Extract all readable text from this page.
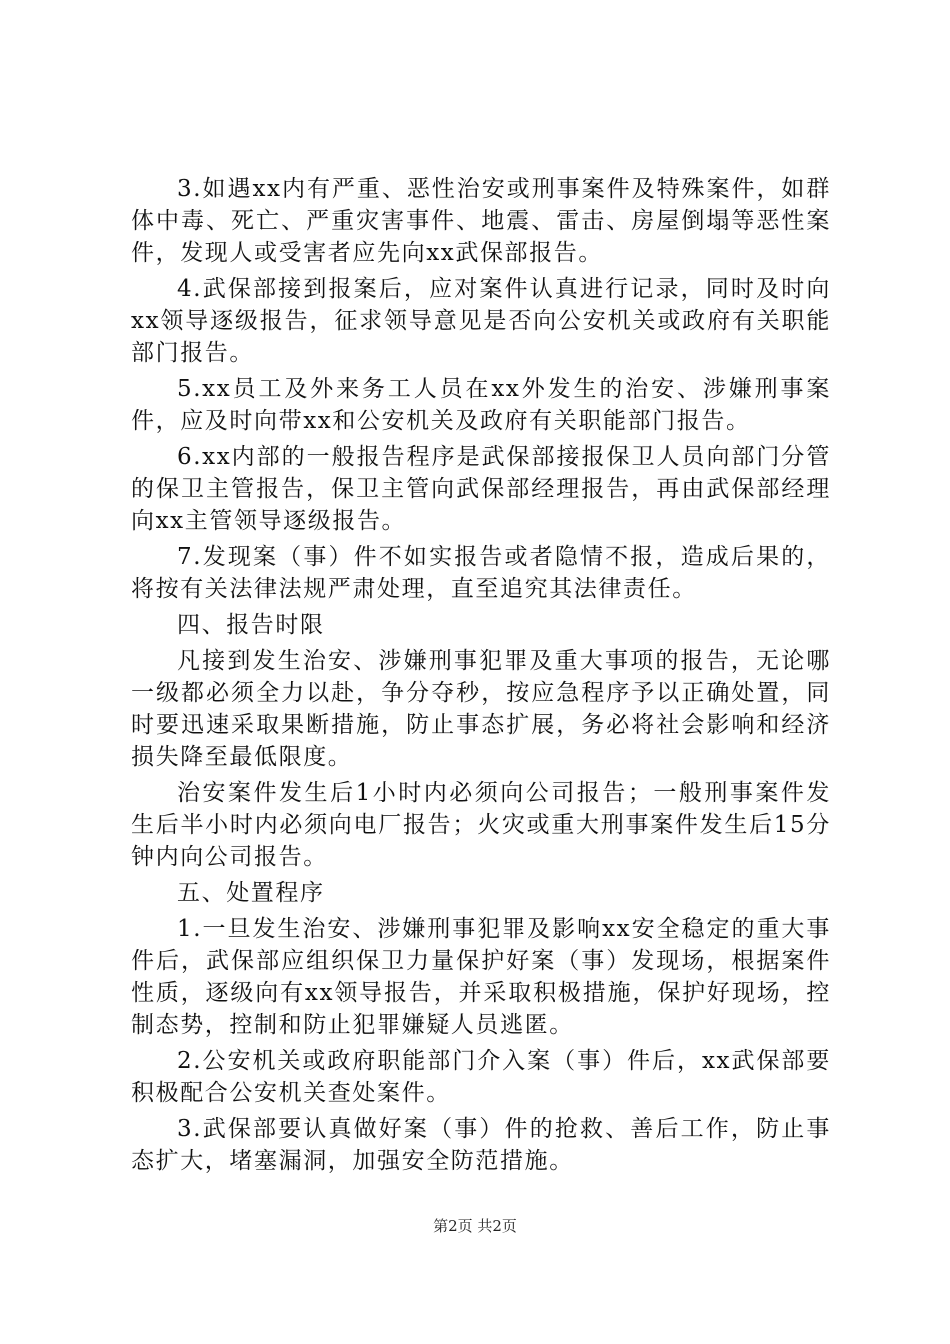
3.如遇xx内有严重、恶性治安或刑事案件及特殊案件，如群体中毒、死亡、严重灾害事件、地震、雷击、房屋倒塌等恶性案件，发现人或受害者应先向xx武保部报告。

4.武保部接到报案后，应对案件认真进行记录，同时及时向xx领导逐级报告，征求领导意见是否向公安机关或政府有关职能部门报告。

5.xx员工及外来务工人员在xx外发生的治安、涉嫌刑事案件，应及时向带xx和公安机关及政府有关职能部门报告。

6.xx内部的一般报告程序是武保部接报保卫人员向部门分管的保卫主管报告，保卫主管向武保部经理报告，再由武保部经理向xx主管领导逐级报告。

7.发现案（事）件不如实报告或者隐情不报，造成后果的，将按有关法律法规严肃处理，直至追究其法律责任。

四、报告时限

凡接到发生治安、涉嫌刑事犯罪及重大事项的报告，无论哪一级都必须全力以赴，争分夺秒，按应急程序予以正确处置，同时要迅速采取果断措施，防止事态扩展，务必将社会影响和经济损失降至最低限度。

治安案件发生后1小时内必须向公司报告；一般刑事案件发生后半小时内必须向电厂报告；火灾或重大刑事案件发生后15分钟内向公司报告。

五、处置程序

1.一旦发生治安、涉嫌刑事犯罪及影响xx安全稳定的重大事件后，武保部应组织保卫力量保护好案（事）发现场，根据案件性质，逐级向有xx领导报告，并采取积极措施，保护好现场，控制态势，控制和防止犯罪嫌疑人员逃匿。

2.公安机关或政府职能部门介入案（事）件后，xx武保部要积极配合公安机关查处案件。

3.武保部要认真做好案（事）件的抢救、善后工作，防止事态扩大，堵塞漏洞，加强安全防范措施。

第2页 共2页
